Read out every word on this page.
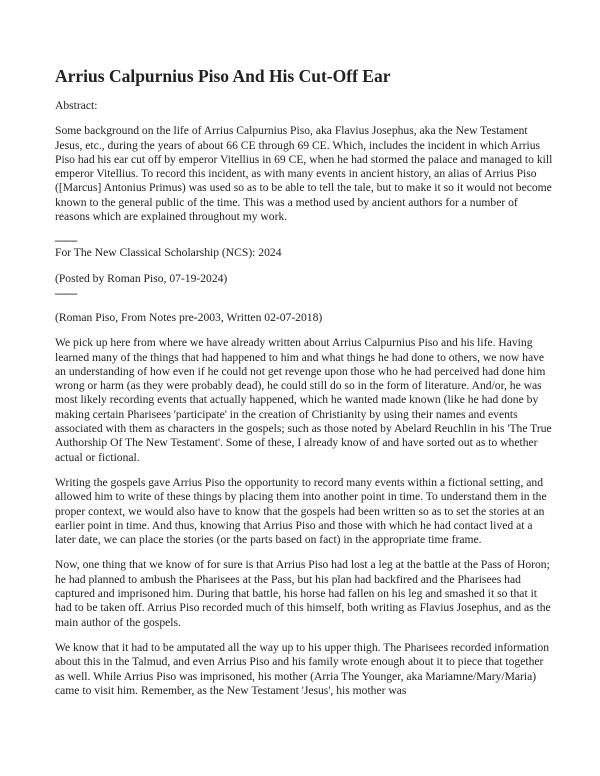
Arrius Calpurnius Piso And His Cut-Off Ear

Abstract:

Some background on the life of Arrius Calpurnius Piso, aka Flavius Josephus, aka the New Testament Jesus, etc., during the years of about 66 CE through 69 CE. Which, includes the incident in which Arrius Piso had his ear cut off by emperor Vitellius in 69 CE, when he had stormed the palace and managed to kill emperor Vitellius. To record this incident, as with many events in ancient history, an alias of Arrius Piso ([Marcus] Antonius Primus) was used so as to be able to tell the tale, but to make it so it would not become known to the general public of the time. This was a method used by ancient authors for a number of reasons which are explained throughout my work.

——

For The New Classical Scholarship (NCS): 2024

(Posted by Roman Piso, 07-19-2024)

——

(Roman Piso, From Notes pre-2003, Written 02-07-2018)

We pick up here from where we have already written about Arrius Calpurnius Piso and his life. Having learned many of the things that had happened to him and what things he had done to others, we now have an understanding of how even if he could not get revenge upon those who he had perceived had done him wrong or harm (as they were probably dead), he could still do so in the form of literature. And/or, he was most likely recording events that actually happened, which he wanted made known (like he had done by making certain Pharisees 'participate' in the creation of Christianity by using their names and events associated with them as characters in the gospels; such as those noted by Abelard Reuchlin in his 'The True Authorship Of The New Testament'. Some of these, I already know of and have sorted out as to whether actual or fictional.

Writing the gospels gave Arrius Piso the opportunity to record many events within a fictional setting, and allowed him to write of these things by placing them into another point in time. To understand them in the proper context, we would also have to know that the gospels had been written so as to set the stories at an earlier point in time. And thus, knowing that Arrius Piso and those with which he had contact lived at a later date, we can place the stories (or the parts based on fact) in the appropriate time frame.

Now, one thing that we know of for sure is that Arrius Piso had lost a leg at the battle at the Pass of Horon; he had planned to ambush the Pharisees at the Pass, but his plan had backfired and the Pharisees had captured and imprisoned him. During that battle, his horse had fallen on his leg and smashed it so that it had to be taken off. Arrius Piso recorded much of this himself, both writing as Flavius Josephus, and as the main author of the gospels.

We know that it had to be amputated all the way up to his upper thigh. The Pharisees recorded information about this in the Talmud, and even Arrius Piso and his family wrote enough about it to piece that together as well. While Arrius Piso was imprisoned, his mother (Arria The Younger, aka Mariamne/Mary/Maria) came to visit him. Remember, as the New Testament 'Jesus', his mother was
